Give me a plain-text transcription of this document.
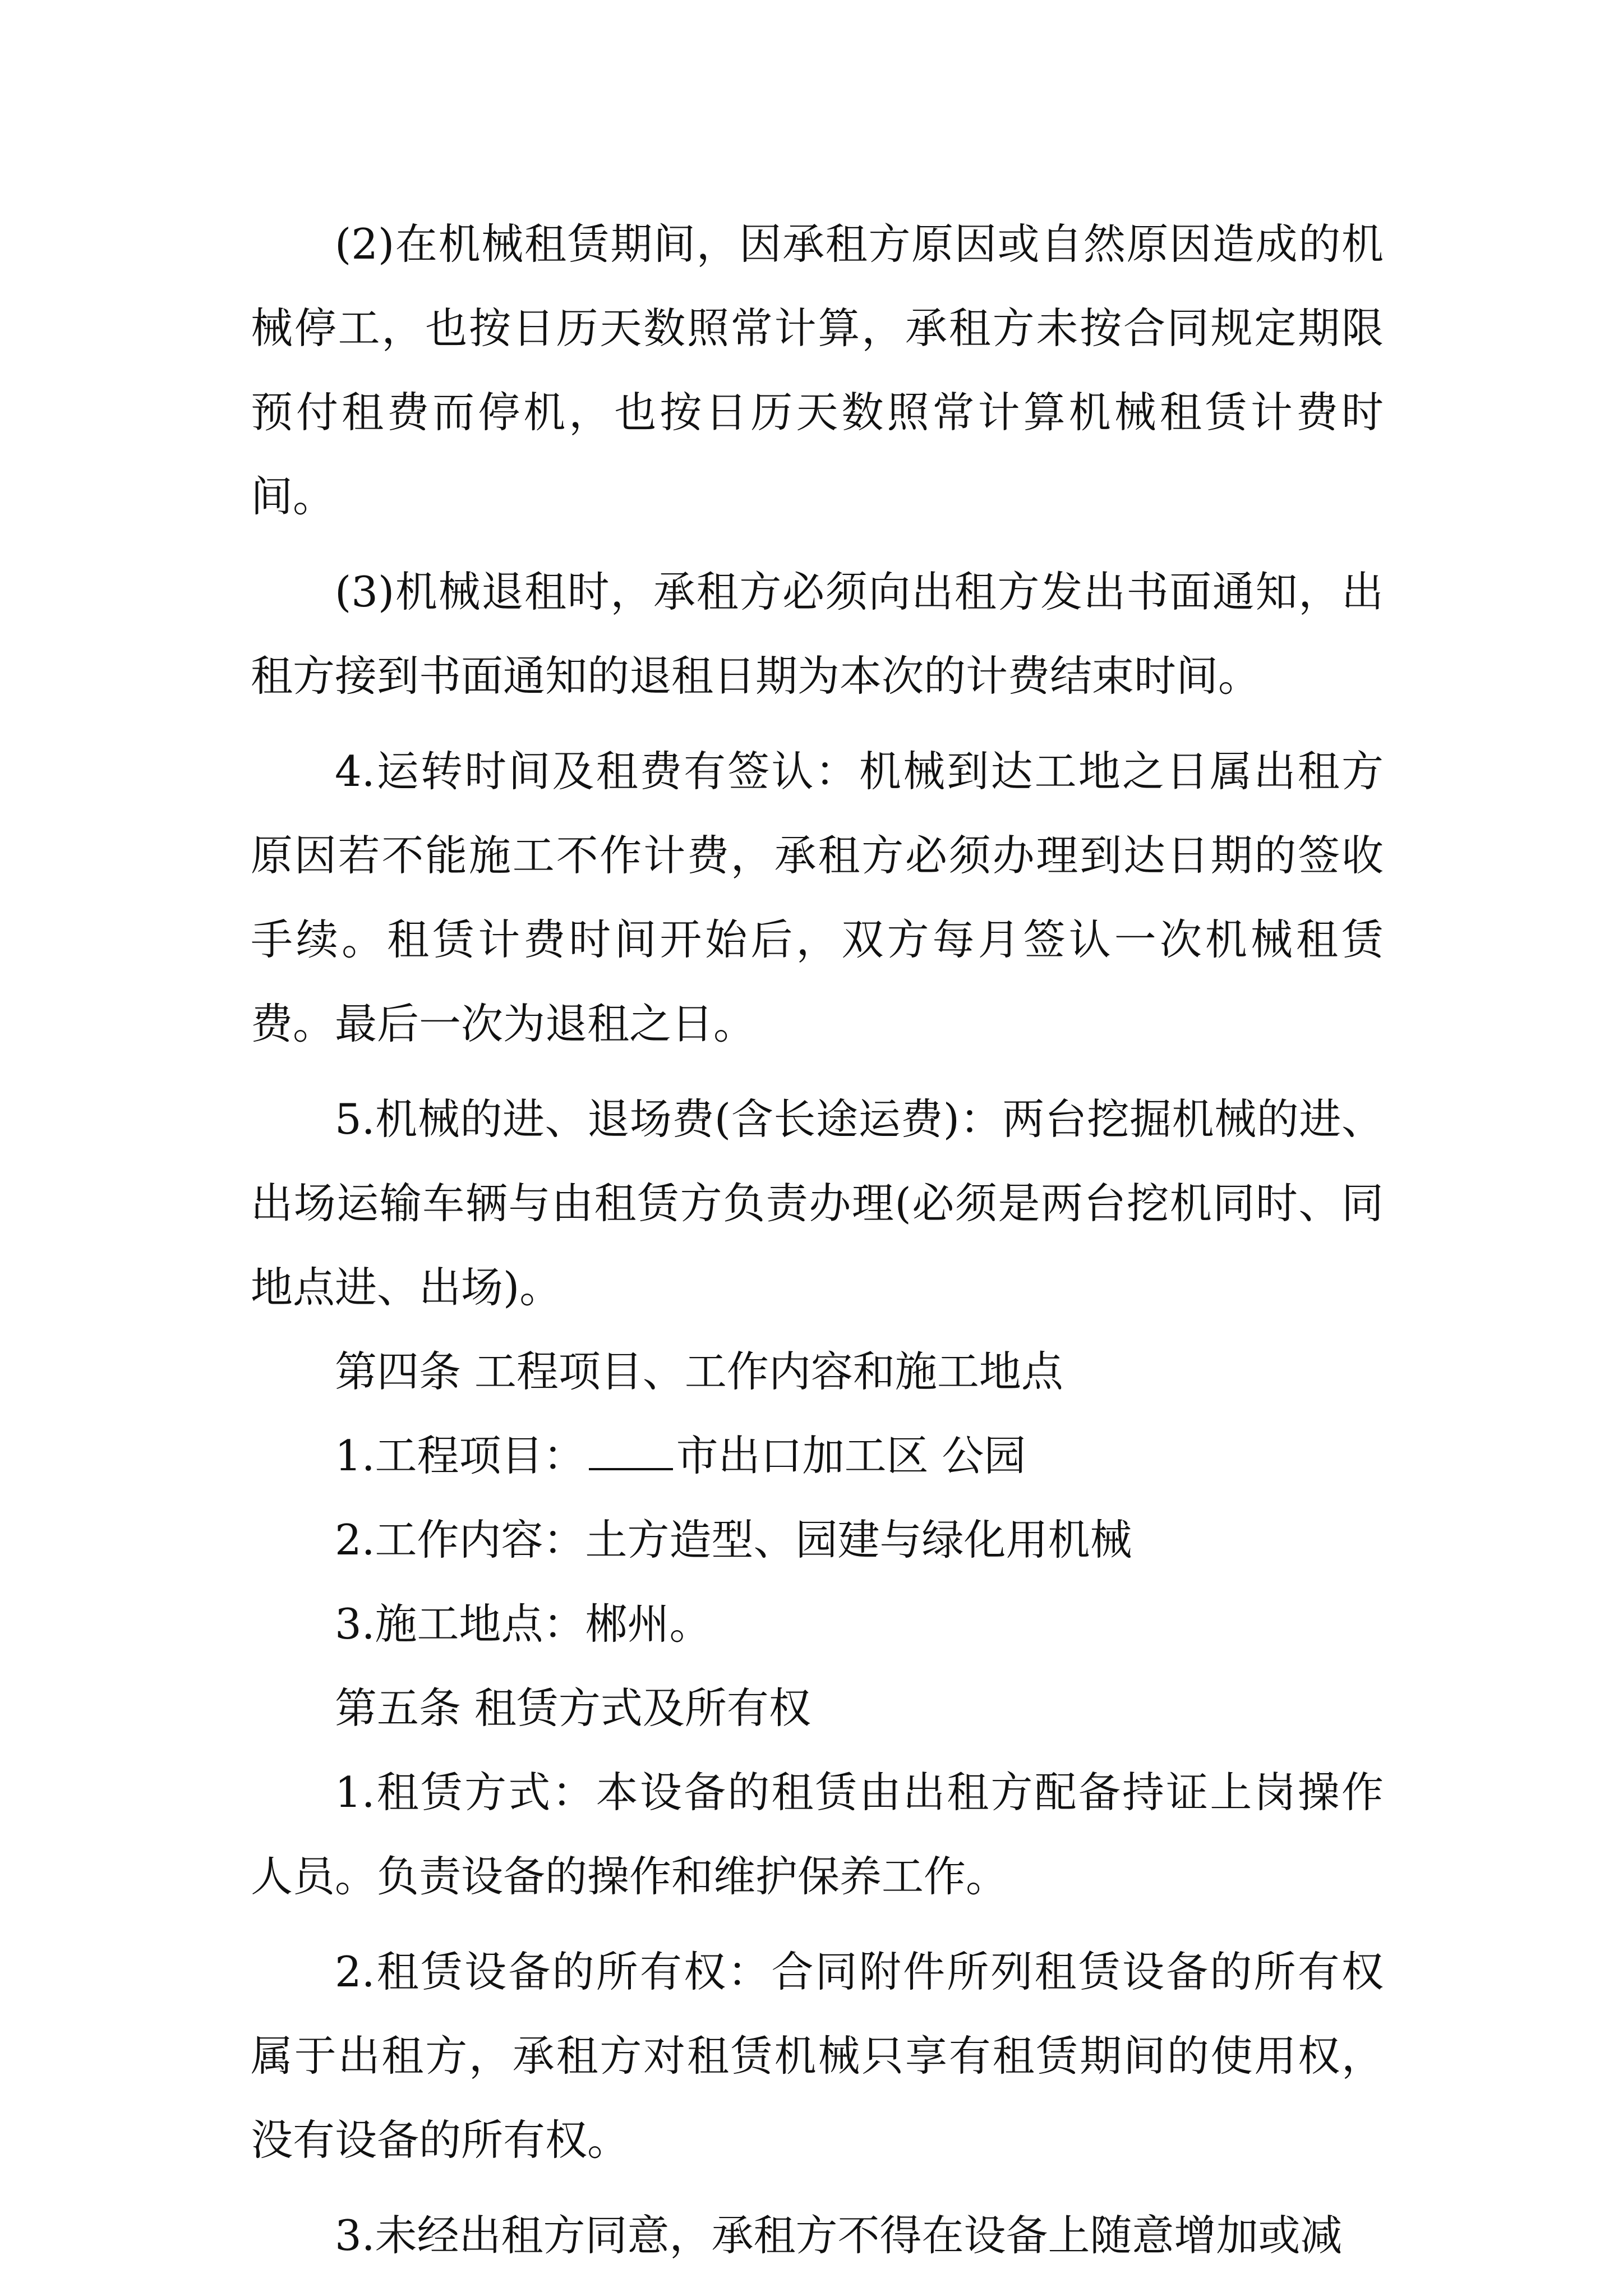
(2)在机械租赁期间，因承租方原因或自然原因造成的机械停工，也按日历天数照常计算，承租方未按合同规定期限预付租费而停机，也按日历天数照常计算机械租赁计费时间。

(3)机械退租时，承租方必须向出租方发出书面通知，出租方接到书面通知的退租日期为本次的计费结束时间。

4.运转时间及租费有签认：机械到达工地之日属出租方原因若不能施工不作计费，承租方必须办理到达日期的签收手续。租赁计费时间开始后，双方每月签认一次机械租赁费。最后一次为退租之日。

5.机械的进、退场费(含长途运费)：两台挖掘机械的进、出场运输车辆与由租赁方负责办理(必须是两台挖机同时、同地点进、出场)。

第四条 工程项目、工作内容和施工地点

1.工程项目： 市出口加工区 公园

2.工作内容：土方造型、园建与绿化用机械

3.施工地点：郴州。

第五条 租赁方式及所有权

1.租赁方式：本设备的租赁由出租方配备持证上岗操作人员。负责设备的操作和维护保养工作。

2.租赁设备的所有权：合同附件所列租赁设备的所有权属于出租方，承租方对租赁机械只享有租赁期间的使用权，没有设备的所有权。

3.未经出租方同意，承租方不得在设备上随意增加或减
